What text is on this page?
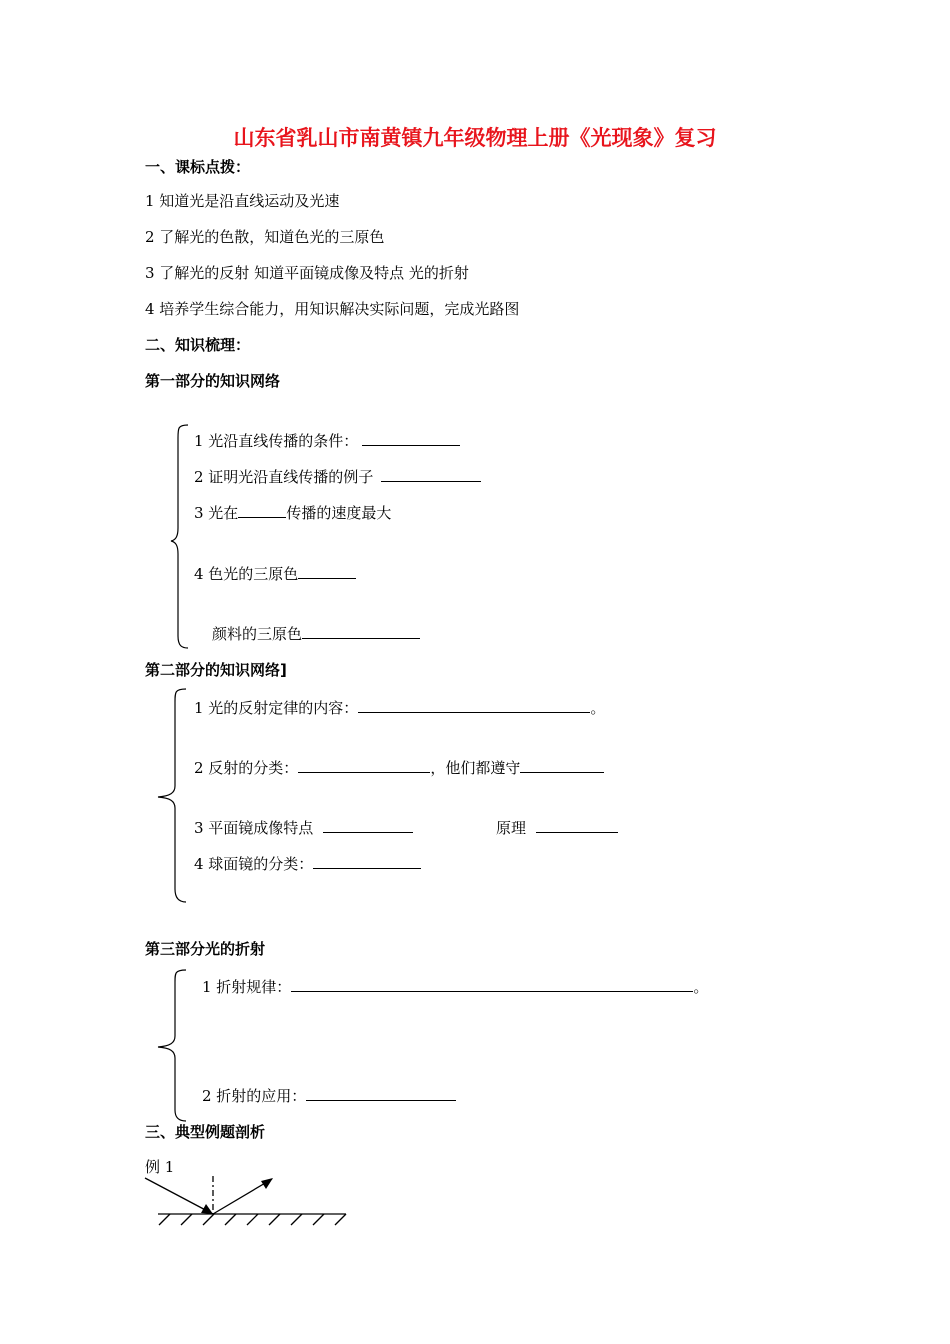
山东省乳山市南黄镇九年级物理上册《光现象》复习
一、课标点拨：
1 知道光是沿直线运动及光速
2 了解光的色散，知道色光的三原色
3 了解光的反射 知道平面镜成像及特点 光的折射
4 培养学生综合能力，用知识解决实际问题，完成光路图
二、知识梳理：
第一部分的知识网络
1 光沿直线传播的条件：
2 证明光沿直线传播的例子
3 光在	传播的速度最大
4 色光的三原色
颜料的三原色
第二部分的知识网络]
1 光的反射定律的内容：	。
2 反射的分类：	，他们都遵守
3 平面镜成像特点	原理
4 球面镜的分类：
第三部分光的折射
1 折射规律：	。
2 折射的应用：
三、典型例题剖析
例 1
